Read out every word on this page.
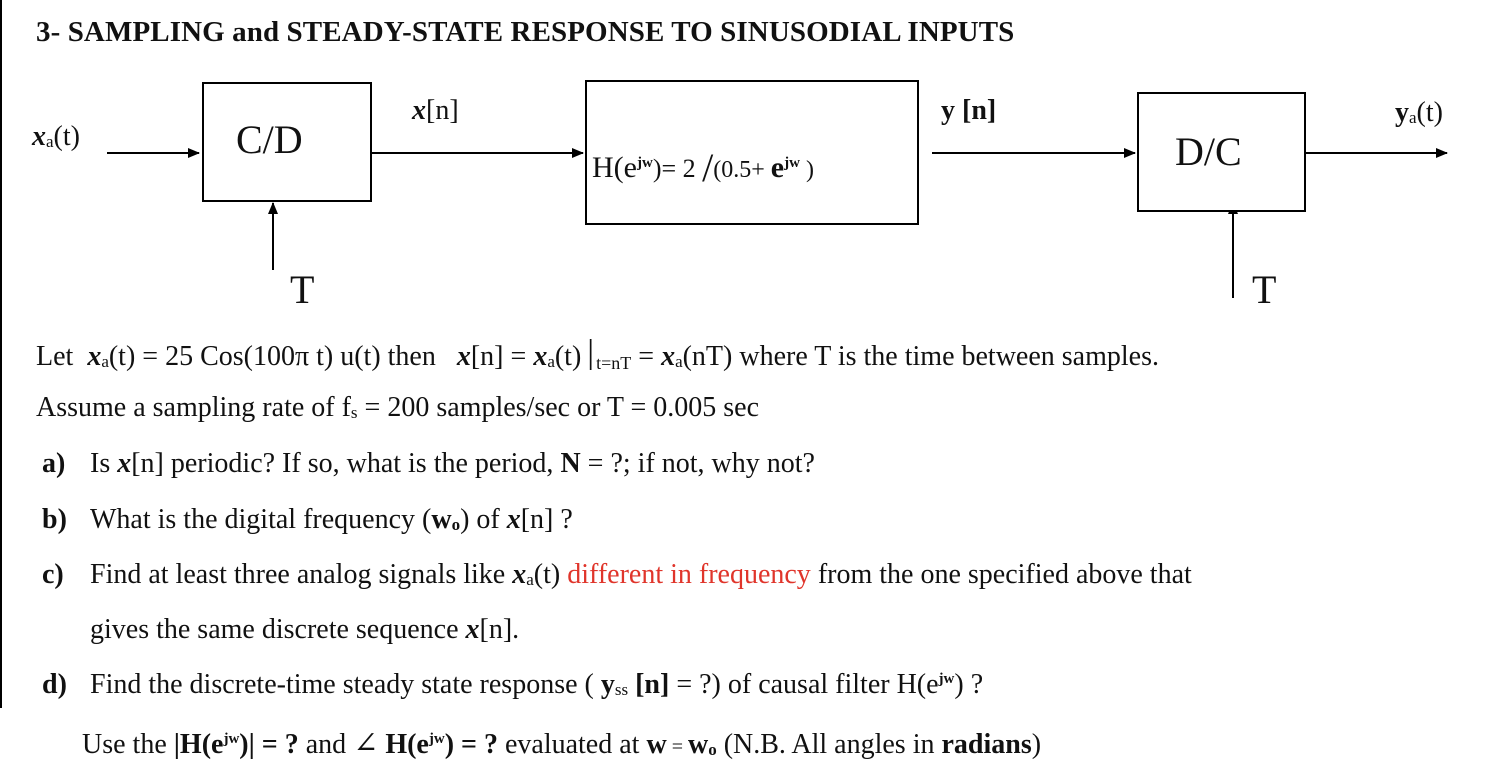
3- SAMPLING and STEADY-STATE RESPONSE TO SINUSODIAL INPUTS
C/D
$H(e^{jw})= 2$ $/(0.5+ e^{jw}$ )	D/C
$x_a(t)$
x[n]	y [n]	$y_a(t)$
T	T
Let $x_a(t) = 25$ Cos(100π t) u(t) then $x[n] = x_a(t)$ | $t=nT = x_a(nT)$ where T is the time between samples.
Assume a sampling rate of $f_s = 200$ samples/sec or T = 0.005 sec
a) Is x[n] periodic? If so, what is the period, N = ?; if not, why not?
b) What is the digital frequency $(w_o)$ of x[n] ?
c) Find at least three analog signals like $x_a(t)$ different in frequency from the one specified above that
gives the same discrete sequence x[n].
d) Find the discrete-time steady state response ( $y_{ss}$ [n] = ?) of causal filter $H(e^{jw})$ ?
Use the $|H(e^{jw})|$ = ? and ∠ $H(e^{jw})$ = ? evaluated at $w = w_o$ (N.B. All angles in radians)
